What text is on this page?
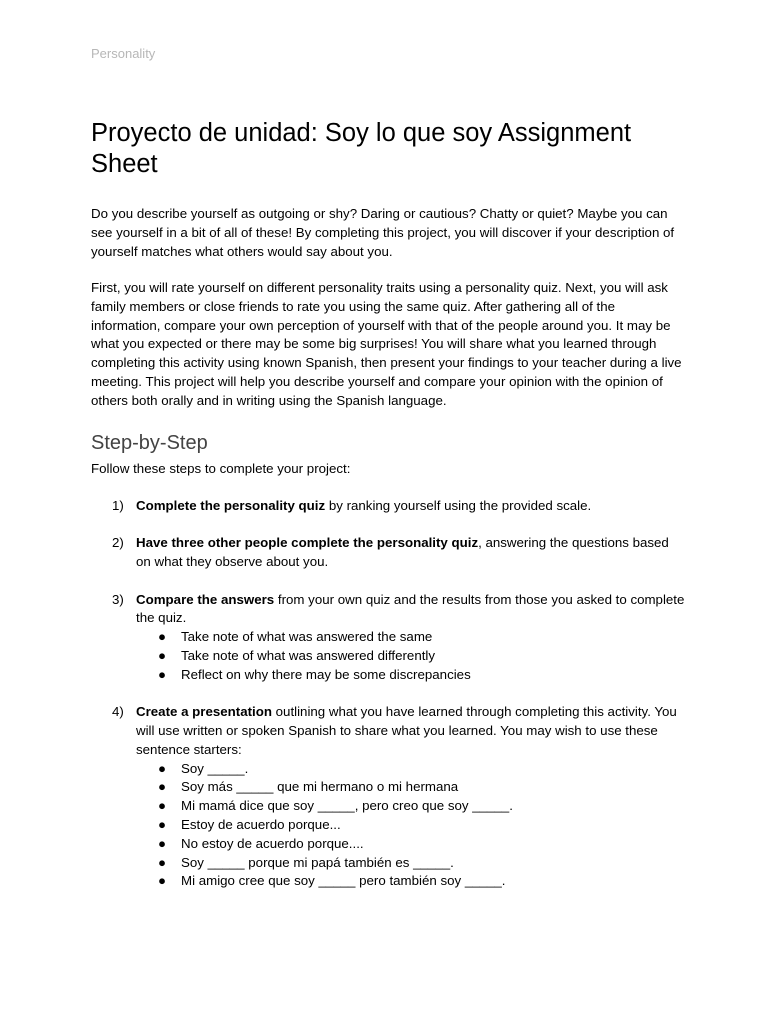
Personality
Proyecto de unidad: Soy lo que soy Assignment Sheet

Do you describe yourself as outgoing or shy? Daring or cautious? Chatty or quiet? Maybe you can see yourself in a bit of all of these! By completing this project, you will discover if your description of yourself matches what others would say about you.

First, you will rate yourself on different personality traits using a personality quiz. Next, you will ask family members or close friends to rate you using the same quiz. After gathering all of the information, compare your own perception of yourself with that of the people around you. It may be what you expected or there may be some big surprises! You will share what you learned through completing this activity using known Spanish, then present your findings to your teacher during a live meeting. This project will help you describe yourself and compare your opinion with the opinion of others both orally and in writing using the Spanish language.

Step-by-Step

Follow these steps to complete your project:

1) Complete the personality quiz by ranking yourself using the provided scale.
2) Have three other people complete the personality quiz, answering the questions based on what they observe about you.
3) Compare the answers from your own quiz and the results from those you asked to complete the quiz.
● Take note of what was answered the same
● Take note of what was answered differently
● Reflect on why there may be some discrepancies
4) Create a presentation outlining what you have learned through completing this activity. You will use written or spoken Spanish to share what you learned. You may wish to use these sentence starters:
● Soy _____.
● Soy más _____ que mi hermano o mi hermana
● Mi mamá dice que soy _____, pero creo que soy _____.
● Estoy de acuerdo porque...
● No estoy de acuerdo porque....
● Soy _____ porque mi papá también es _____.
● Mi amigo cree que soy _____ pero también soy _____.
